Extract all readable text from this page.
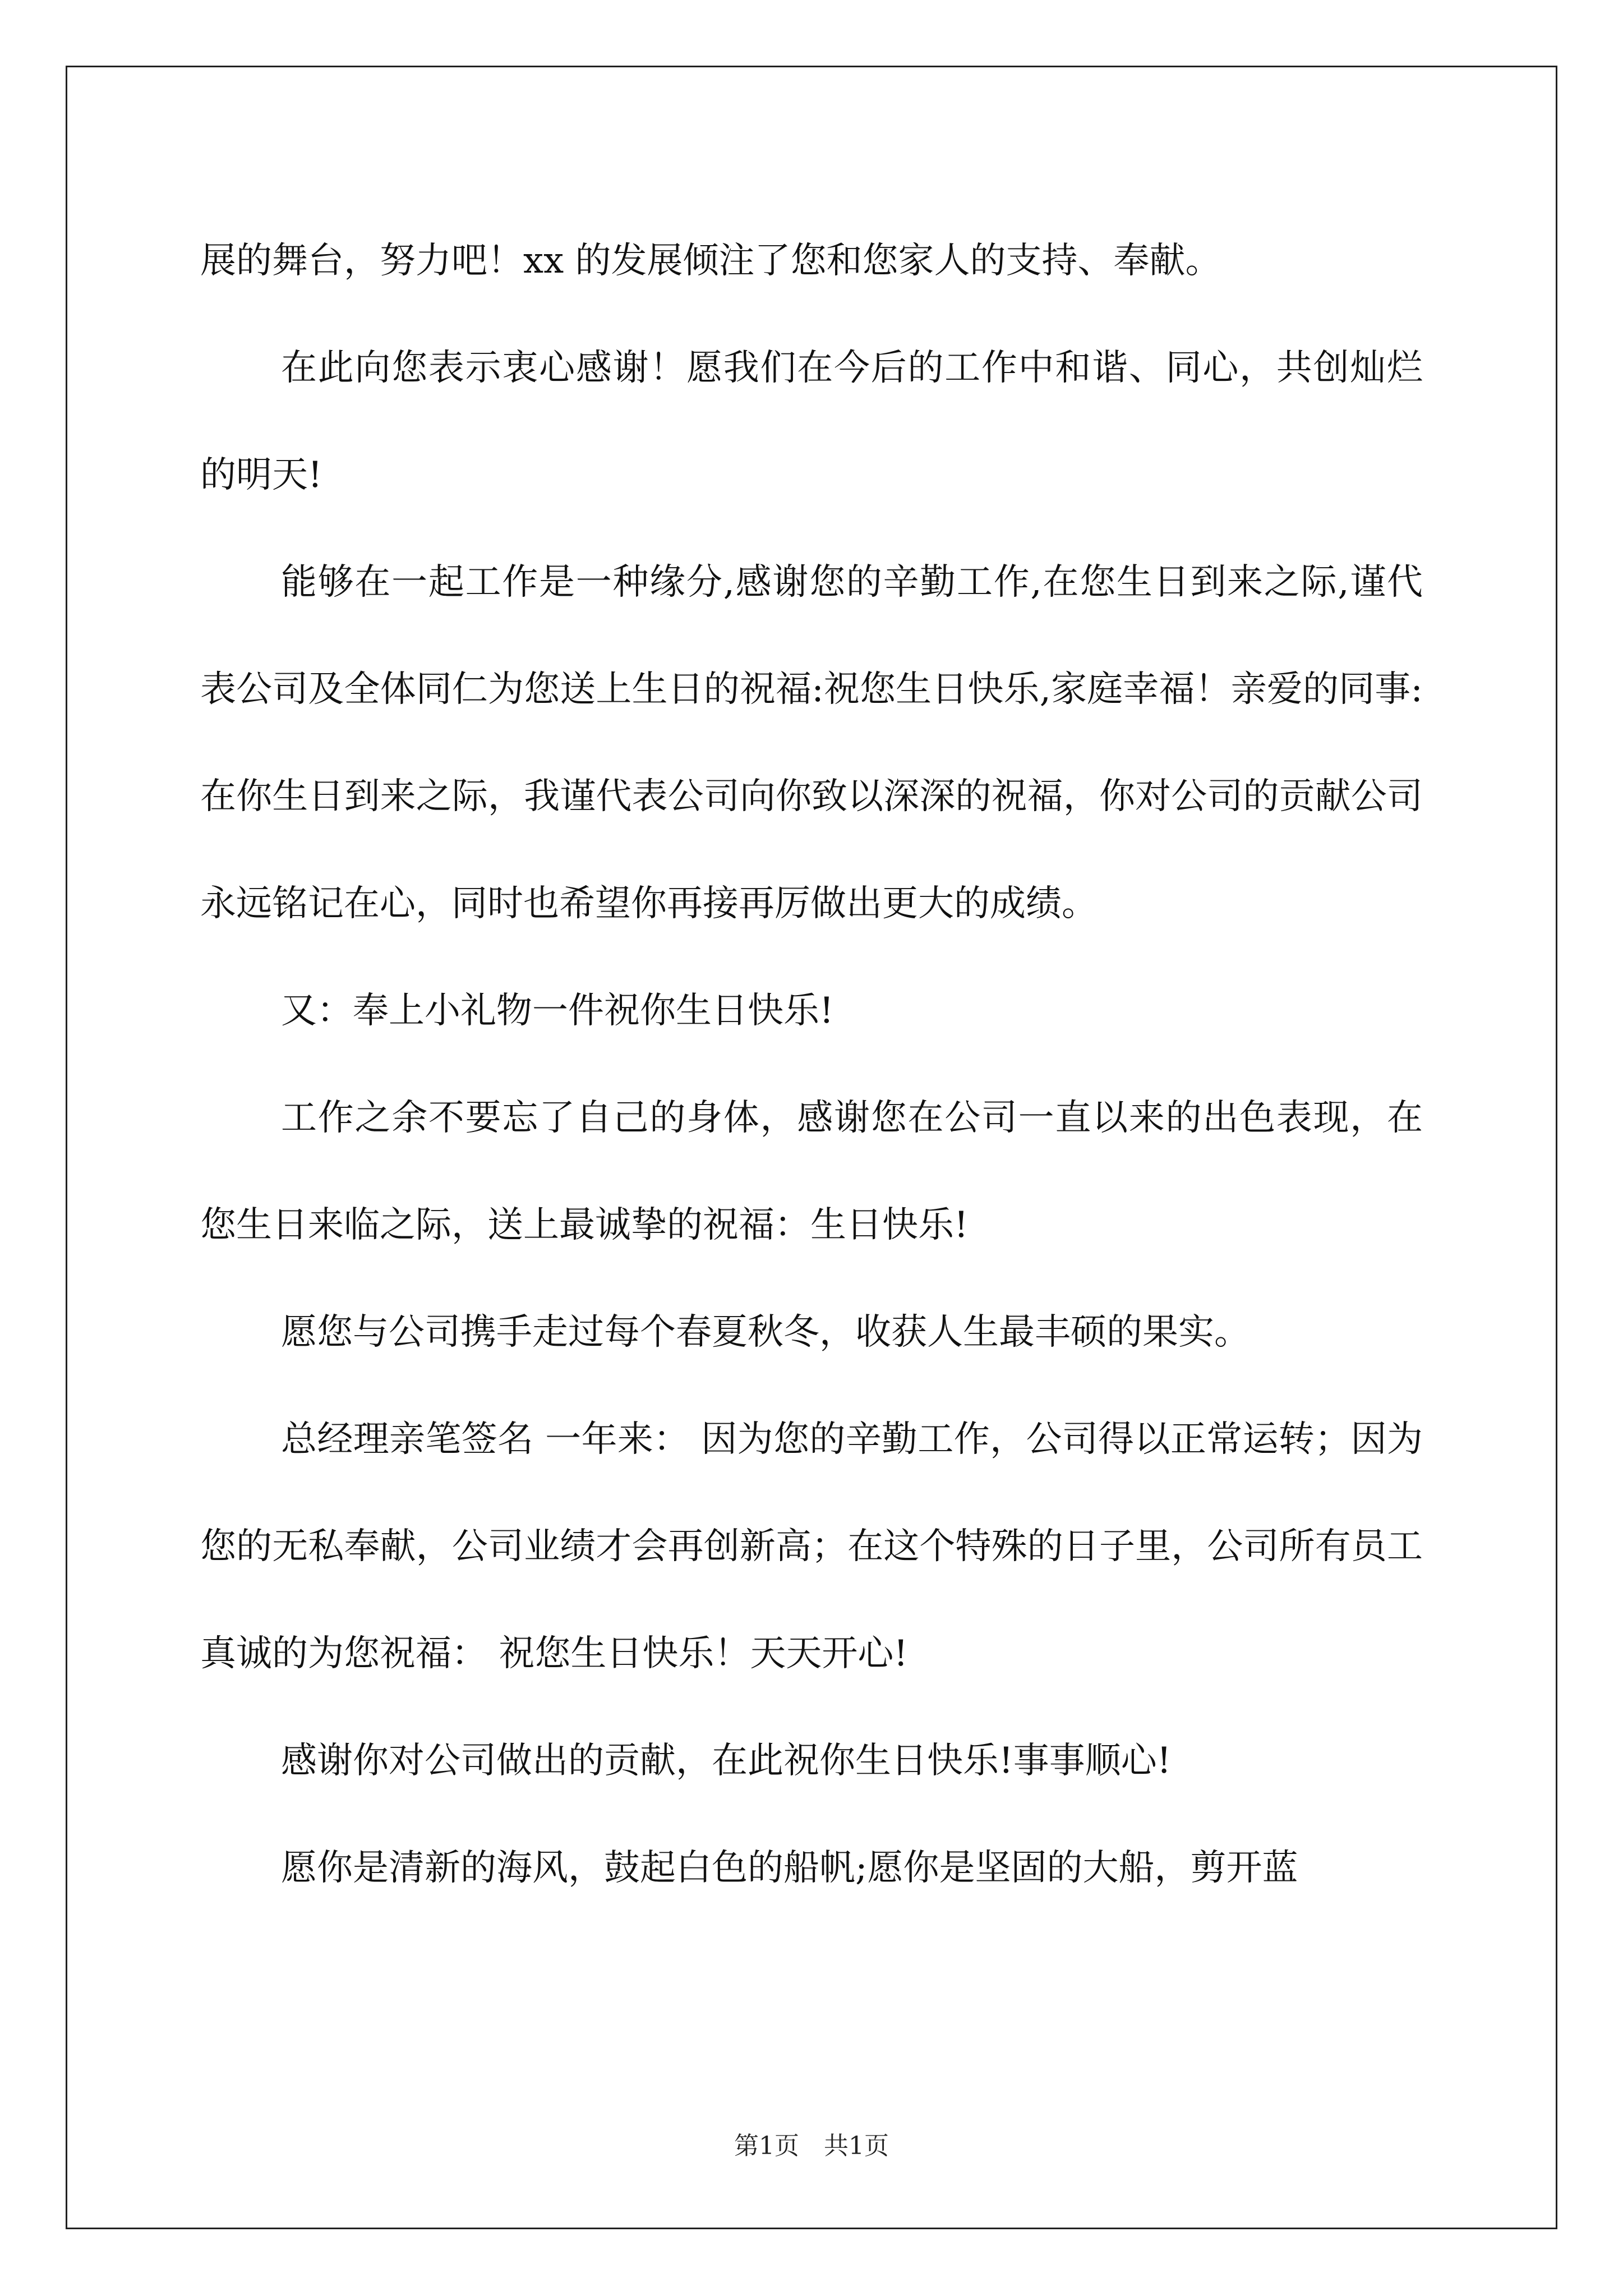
展的舞台，努力吧！xx 的发展倾注了您和您家人的支持、奉献。

在此向您表示衷心感谢！愿我们在今后的工作中和谐、同心，共创灿烂的明天!

能够在一起工作是一种缘分,感谢您的辛勤工作,在您生日到来之际,谨代表公司及全体同仁为您送上生日的祝福:祝您生日快乐,家庭幸福！亲爱的同事: 在你生日到来之际，我谨代表公司向你致以深深的祝福，你对公司的贡献公司永远铭记在心，同时也希望你再接再厉做出更大的成绩。

又：奉上小礼物一件祝你生日快乐!

工作之余不要忘了自己的身体，感谢您在公司一直以来的出色表现，在您生日来临之际，送上最诚挚的祝福：生日快乐!

愿您与公司携手走过每个春夏秋冬，收获人生最丰硕的果实。

总经理亲笔签名 一年来： 因为您的辛勤工作，公司得以正常运转；因为您的无私奉献，公司业绩才会再创新高；在这个特殊的日子里，公司所有员工真诚的为您祝福： 祝您生日快乐！天天开心!

感谢你对公司做出的贡献，在此祝你生日快乐!事事顺心!

愿你是清新的海风，鼓起白色的船帆;愿你是坚固的大船，剪开蓝

第1页　共1页
